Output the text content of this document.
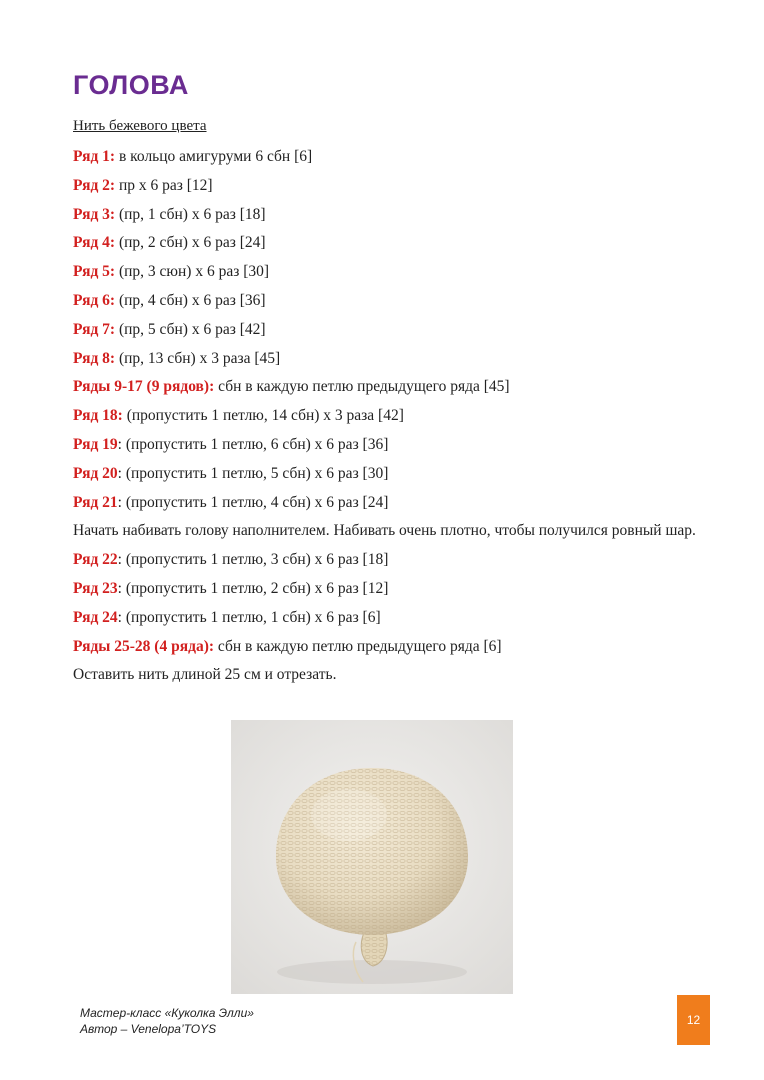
ГОЛОВА
Нить бежевого цвета
Ряд 1: в кольцо амигуруми 6 сбн [6]
Ряд 2: пр х 6 раз [12]
Ряд 3: (пр, 1 сбн) х 6 раз [18]
Ряд 4: (пр, 2 сбн) х 6 раз [24]
Ряд 5: (пр, 3 сюн) х 6 раз [30]
Ряд 6: (пр, 4 сбн) х 6 раз [36]
Ряд 7: (пр, 5 сбн) х 6 раз [42]
Ряд 8: (пр, 13 сбн) х 3 раза [45]
Ряды 9-17 (9 рядов): сбн в каждую петлю предыдущего ряда [45]
Ряд 18: (пропустить 1 петлю, 14 сбн) х 3 раза [42]
Ряд 19: (пропустить 1 петлю, 6 сбн) х 6 раз [36]
Ряд 20: (пропустить 1 петлю, 5 сбн) х 6 раз [30]
Ряд 21: (пропустить 1 петлю, 4 сбн) х 6 раз [24]
Начать набивать голову наполнителем. Набивать очень плотно, чтобы получился ровный шар.
Ряд 22: (пропустить 1 петлю, 3 сбн) х 6 раз [18]
Ряд 23: (пропустить 1 петлю, 2 сбн) х 6 раз [12]
Ряд 24: (пропустить 1 петлю, 1 сбн) х 6 раз [6]
Ряды 25-28 (4 ряда): сбн в каждую петлю предыдущего ряда [6]
Оставить нить длиной 25 см и отрезать.
Мастер-класс «Куколка Элли»
Автор – Venelopa’TOYS
12
